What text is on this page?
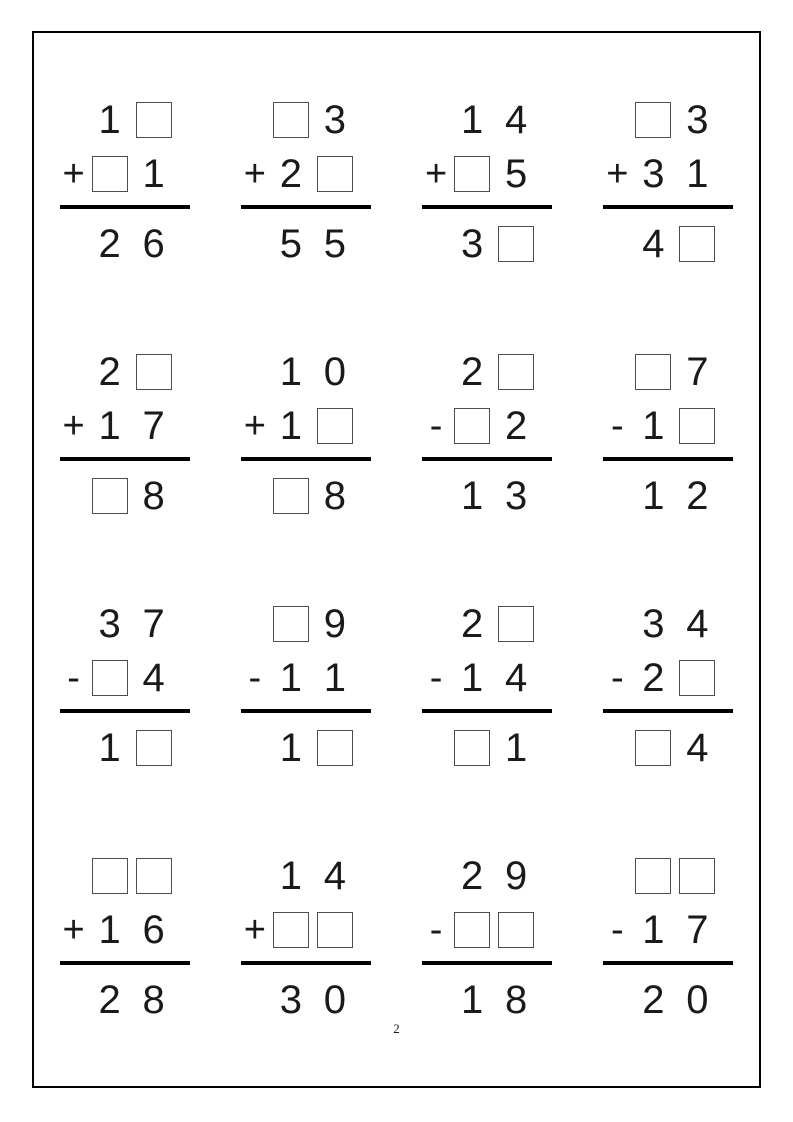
1
+ 1
2 6
3
+ 2
5 5
1 4
+ 5
3
3
+ 3 1
4
2
+ 1 7
8
1 0
+ 1
8
2
- 2
1 3
7
- 1
1 2
3 7
- 4
1
9
- 1 1
1
2
- 1 4
1
3 4
- 2
4
+ 1 6
2 8
1 4
+
3 0
2 9
-
1 8
- 1 7
2 0
2
